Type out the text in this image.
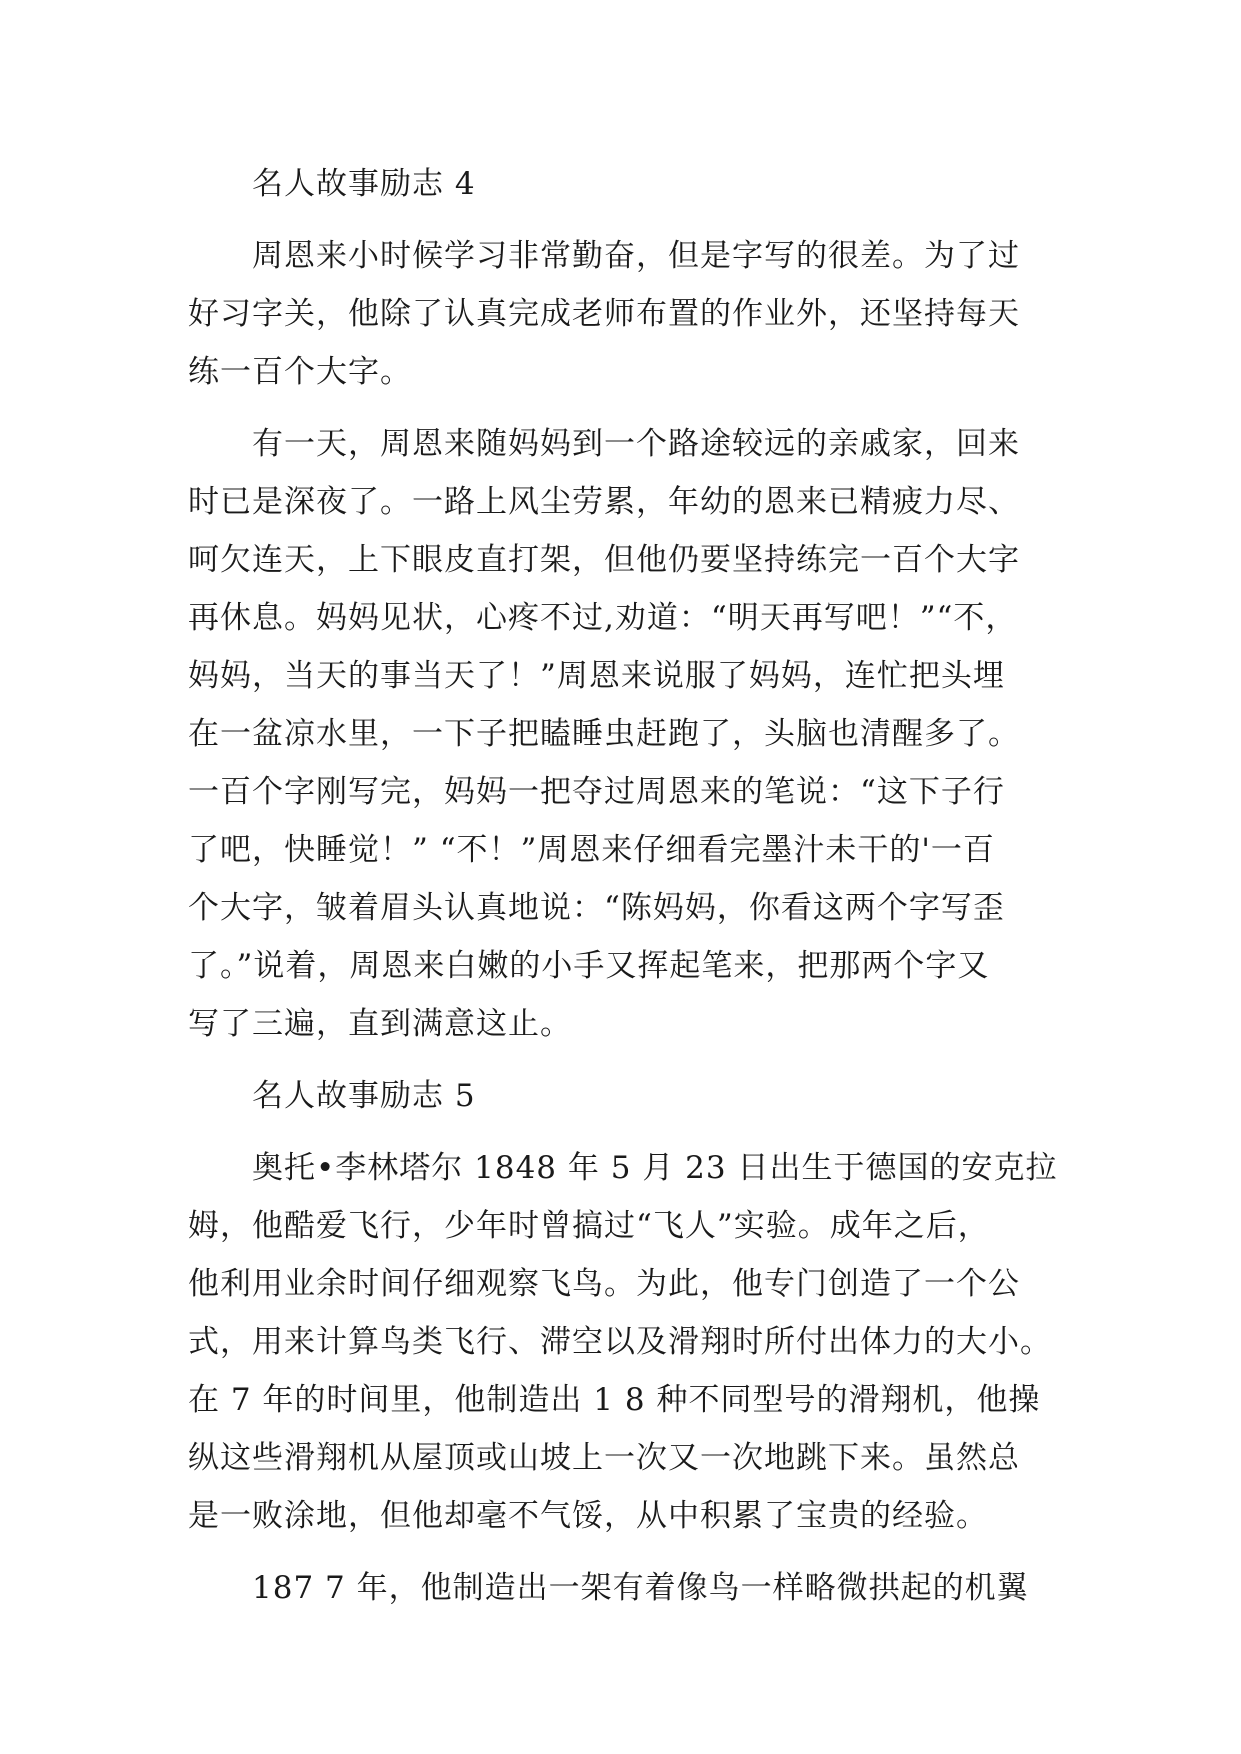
名人故事励志 4
周恩来小时候学习非常勤奋，但是字写的很差。为了过
好习字关，他除了认真完成老师布置的作业外，还坚持每天
练一百个大字。
有一天，周恩来随妈妈到一个路途较远的亲戚家，回来
时已是深夜了。一路上风尘劳累，年幼的恩来已精疲力尽、
呵欠连天，上下眼皮直打架，但他仍要坚持练完一百个大字
再休息。妈妈见状，心疼不过,劝道：“明天再写吧！”“不，
妈妈，当天的事当天了！”周恩来说服了妈妈，连忙把头埋
在一盆凉水里，一下子把瞌睡虫赶跑了，头脑也清醒多了。
一百个字刚写完，妈妈一把夺过周恩来的笔说：“这下子行
了吧，快睡觉！” “不！”周恩来仔细看完墨汁未干的'一百
个大字，皱着眉头认真地说：“陈妈妈，你看这两个字写歪
了。”说着，周恩来白嫩的小手又挥起笔来，把那两个字又
写了三遍，直到满意这止。
名人故事励志 5
奥托•李林塔尔 1848 年 5 月 23 日出生于德国的安克拉
姆，他酷爱飞行，少年时曾搞过“飞人”实验。成年之后，
他利用业余时间仔细观察飞鸟。为此，他专门创造了一个公
式，用来计算鸟类飞行、滞空以及滑翔时所付出体力的大小。
在 7 年的时间里，他制造出 1 8 种不同型号的滑翔机，他操
纵这些滑翔机从屋顶或山坡上一次又一次地跳下来。虽然总
是一败涂地，但他却毫不气馁，从中积累了宝贵的经验。
187 7 年，他制造出一架有着像鸟一样略微拱起的机翼
